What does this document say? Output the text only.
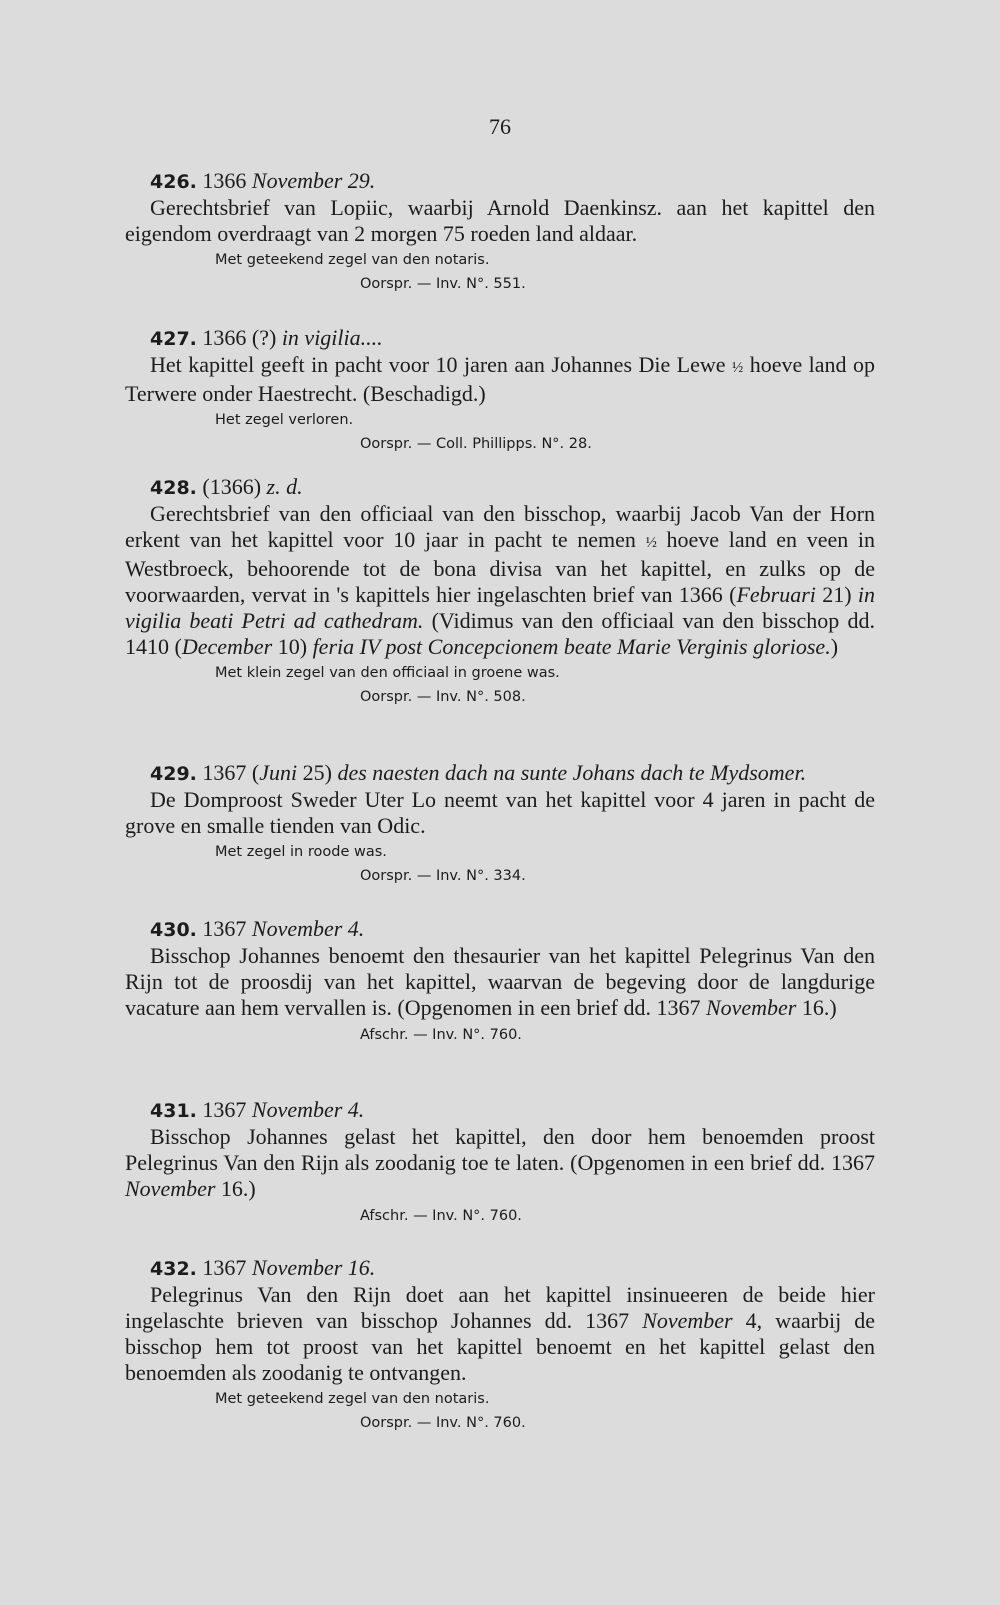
76
426. 1366 November 29.
Gerechtsbrief van Lopiic, waarbij Arnold Daenkinsz. aan het kapittel den eigendom overdraagt van 2 morgen 75 roeden land aldaar.
Met geteekend zegel van den notaris.
Oorspr. — Inv. N°. 551.
427. 1366 (?) in vigilia....
Het kapittel geeft in pacht voor 10 jaren aan Johannes Die Lewe ½ hoeve land op Terwere onder Haestrecht. (Beschadigd.)
Het zegel verloren.
Oorspr. — Coll. Phillipps. N°. 28.
428. (1366) z. d.
Gerechtsbrief van den officiaal van den bisschop, waarbij Jacob Van der Horn erkent van het kapittel voor 10 jaar in pacht te nemen ½ hoeve land en veen in Westbroeck, behoorende tot de bona divisa van het kapittel, en zulks op de voorwaarden, vervat in 's kapittels hier ingelaschten brief van 1366 (Februari 21) in vigilia beati Petri ad cathedram. (Vidimus van den officiaal van den bisschop dd. 1410 (December 10) feria IV post Concepcionem beate Marie Verginis gloriose.)
Met klein zegel van den officiaal in groene was.
Oorspr. — Inv. N°. 508.
429. 1367 (Juni 25) des naesten dach na sunte Johans dach te Mydsomer.
De Domproost Sweder Uter Lo neemt van het kapittel voor 4 jaren in pacht de grove en smalle tienden van Odic.
Met zegel in roode was.
Oorspr. — Inv. N°. 334.
430. 1367 November 4.
Bisschop Johannes benoemt den thesaurier van het kapittel Pelegrinus Van den Rijn tot de proosdij van het kapittel, waarvan de begeving door de langdurige vacature aan hem vervallen is. (Opgenomen in een brief dd. 1367 November 16.)
Afschr. — Inv. N°. 760.
431. 1367 November 4.
Bisschop Johannes gelast het kapittel, den door hem benoemden proost Pelegrinus Van den Rijn als zoodanig toe te laten. (Opgenomen in een brief dd. 1367 November 16.)
Afschr. — Inv. N°. 760.
432. 1367 November 16.
Pelegrinus Van den Rijn doet aan het kapittel insinueeren de beide hier ingelaschte brieven van bisschop Johannes dd. 1367 November 4, waarbij de bisschop hem tot proost van het kapittel benoemt en het kapittel gelast den benoemden als zoodanig te ontvangen.
Met geteekend zegel van den notaris.
Oorspr. — Inv. N°. 760.
